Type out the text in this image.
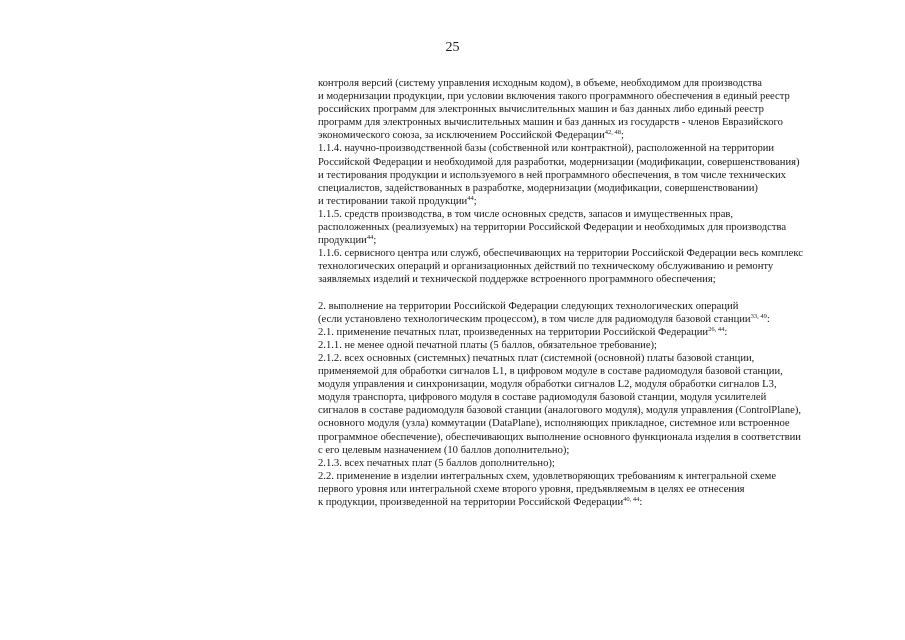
25

контроля версий (систему управления исходным кодом), в объеме, необходимом для производства

и модернизации продукции, при условии включения такого программного обеспечения в единый реестр

российских программ для электронных вычислительных машин и баз данных либо единый реестр

программ для электронных вычислительных машин и баз данных из государств - членов Евразийского

экономического союза, за исключением Российской Федерации$^{42, 48}$;

1.1.4. научно-производственной базы (собственной или контрактной), расположенной на территории

Российской Федерации и необходимой для разработки, модернизации (модификации, совершенствования)

и тестирования продукции и используемого в ней программного обеспечения, в том числе технических

специалистов, задействованных в разработке, модернизации (модификации, совершенствовании)

и тестировании такой продукции$^{44}$;

1.1.5. средств производства, в том числе основных средств, запасов и имущественных прав,

расположенных (реализуемых) на территории Российской Федерации и необходимых для производства

продукции$^{44}$;

1.1.6. сервисного центра или служб, обеспечивающих на территории Российской Федерации весь комплекс

технологических операций и организационных действий по техническому обслуживанию и ремонту

заявляемых изделий и технической поддержке встроенного программного обеспечения;

2. выполнение на территории Российской Федерации следующих технологических операций

(если установлено технологическим процессом), в том числе для радиомодуля базовой станции$^{33, 49}$:

2.1. применение печатных плат, произведенных на территории Российской Федерации$^{26, 44}$:

2.1.1. не менее одной печатной платы (5 баллов, обязательное требование);

2.1.2. всех основных (системных) печатных плат (системной (основной) платы базовой станции,

применяемой для обработки сигналов L1, в цифровом модуле в составе радиомодуля базовой станции,

модуля управления и синхронизации, модуля обработки сигналов L2, модуля обработки сигналов L3,

модуля транспорта, цифрового модуля в составе радиомодуля базовой станции, модуля усилителей

сигналов в составе радиомодуля базовой станции (аналогового модуля), модуля управления (ControlPlane),

основного модуля (узла) коммутации (DataPlane), исполняющих прикладное, системное или встроенное

программное обеспечение), обеспечивающих выполнение основного функционала изделия в соответствии

с его целевым назначением (10 баллов дополнительно);

2.1.3. всех печатных плат (5 баллов дополнительно);

2.2. применение в изделии интегральных схем, удовлетворяющих требованиям к интегральной схеме

первого уровня или интегральной схеме второго уровня, предъявляемым в целях ее отнесения

к продукции, произведенной на территории Российской Федерации$^{40, 44}$:
